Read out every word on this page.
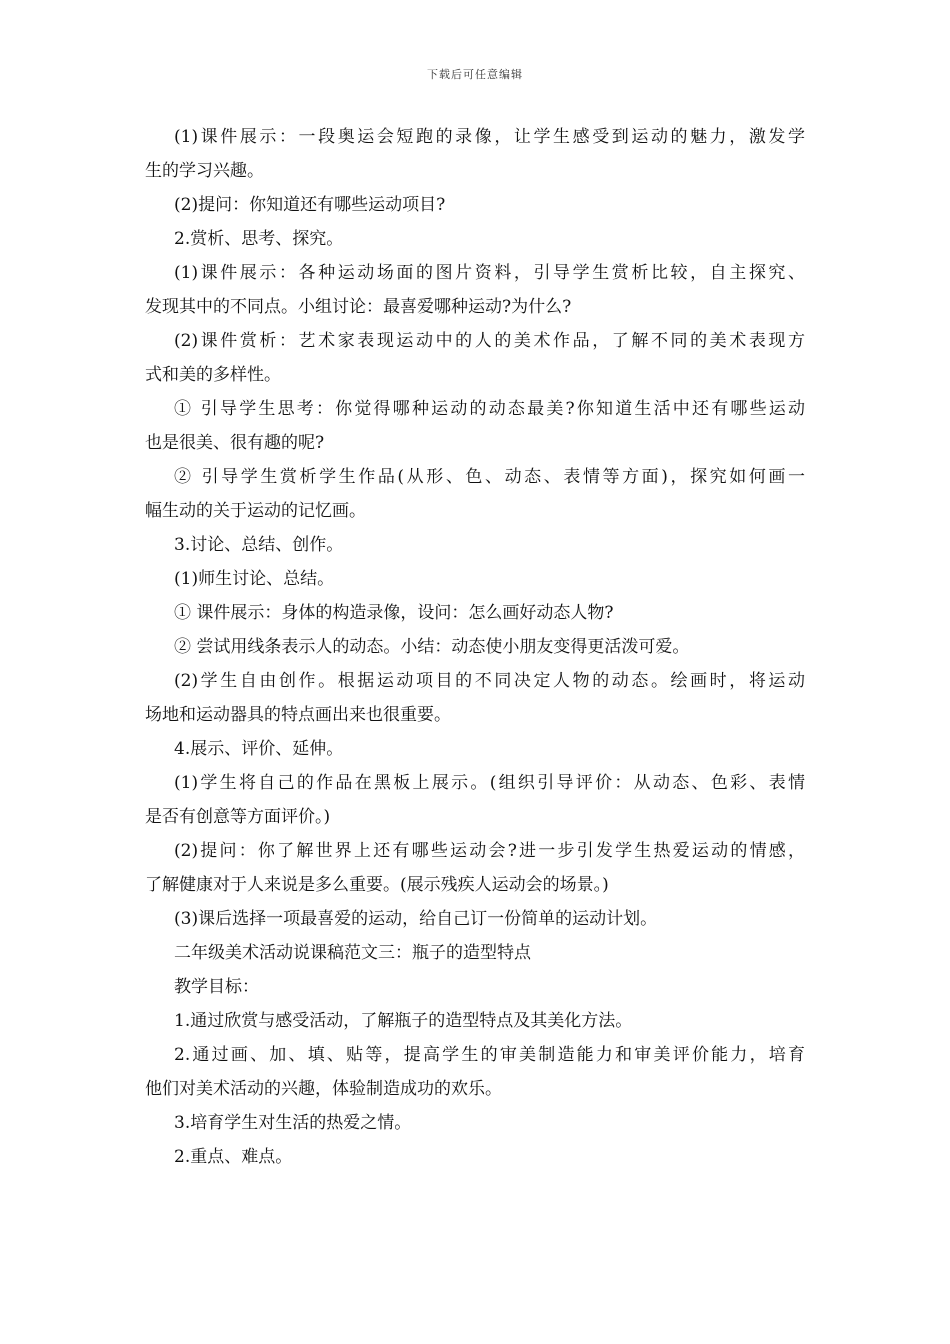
下载后可任意编辑
(1)课件展示：一段奥运会短跑的录像，让学生感受到运动的魅力，激发学
生的学习兴趣。
(2)提问：你知道还有哪些运动项目?
2.赏析、思考、探究。
(1)课件展示：各种运动场面的图片资料，引导学生赏析比较，自主探究、
发现其中的不同点。小组讨论：最喜爱哪种运动?为什么?
(2)课件赏析：艺术家表现运动中的人的美术作品，了解不同的美术表现方
式和美的多样性。
① 引导学生思考：你觉得哪种运动的动态最美?你知道生活中还有哪些运动
也是很美、很有趣的呢?
② 引导学生赏析学生作品(从形、色、动态、表情等方面)，探究如何画一
幅生动的关于运动的记忆画。
3.讨论、总结、创作。
(1)师生讨论、总结。
① 课件展示：身体的构造录像，设问：怎么画好动态人物?
② 尝试用线条表示人的动态。小结：动态使小朋友变得更活泼可爱。
(2)学生自由创作。根据运动项目的不同决定人物的动态。绘画时，将运动
场地和运动器具的特点画出来也很重要。
4.展示、评价、延伸。
(1)学生将自己的作品在黑板上展示。(组织引导评价：从动态、色彩、表情
是否有创意等方面评价。)
(2)提问：你了解世界上还有哪些运动会?进一步引发学生热爱运动的情感，
了解健康对于人来说是多么重要。(展示残疾人运动会的场景。)
(3)课后选择一项最喜爱的运动，给自己订一份简单的运动计划。
二年级美术活动说课稿范文三：瓶子的造型特点
教学目标：
1.通过欣赏与感受活动，了解瓶子的造型特点及其美化方法。
2.通过画、加、填、贴等，提高学生的审美制造能力和审美评价能力，培育
他们对美术活动的兴趣，体验制造成功的欢乐。
3.培育学生对生活的热爱之情。
2.重点、难点。
